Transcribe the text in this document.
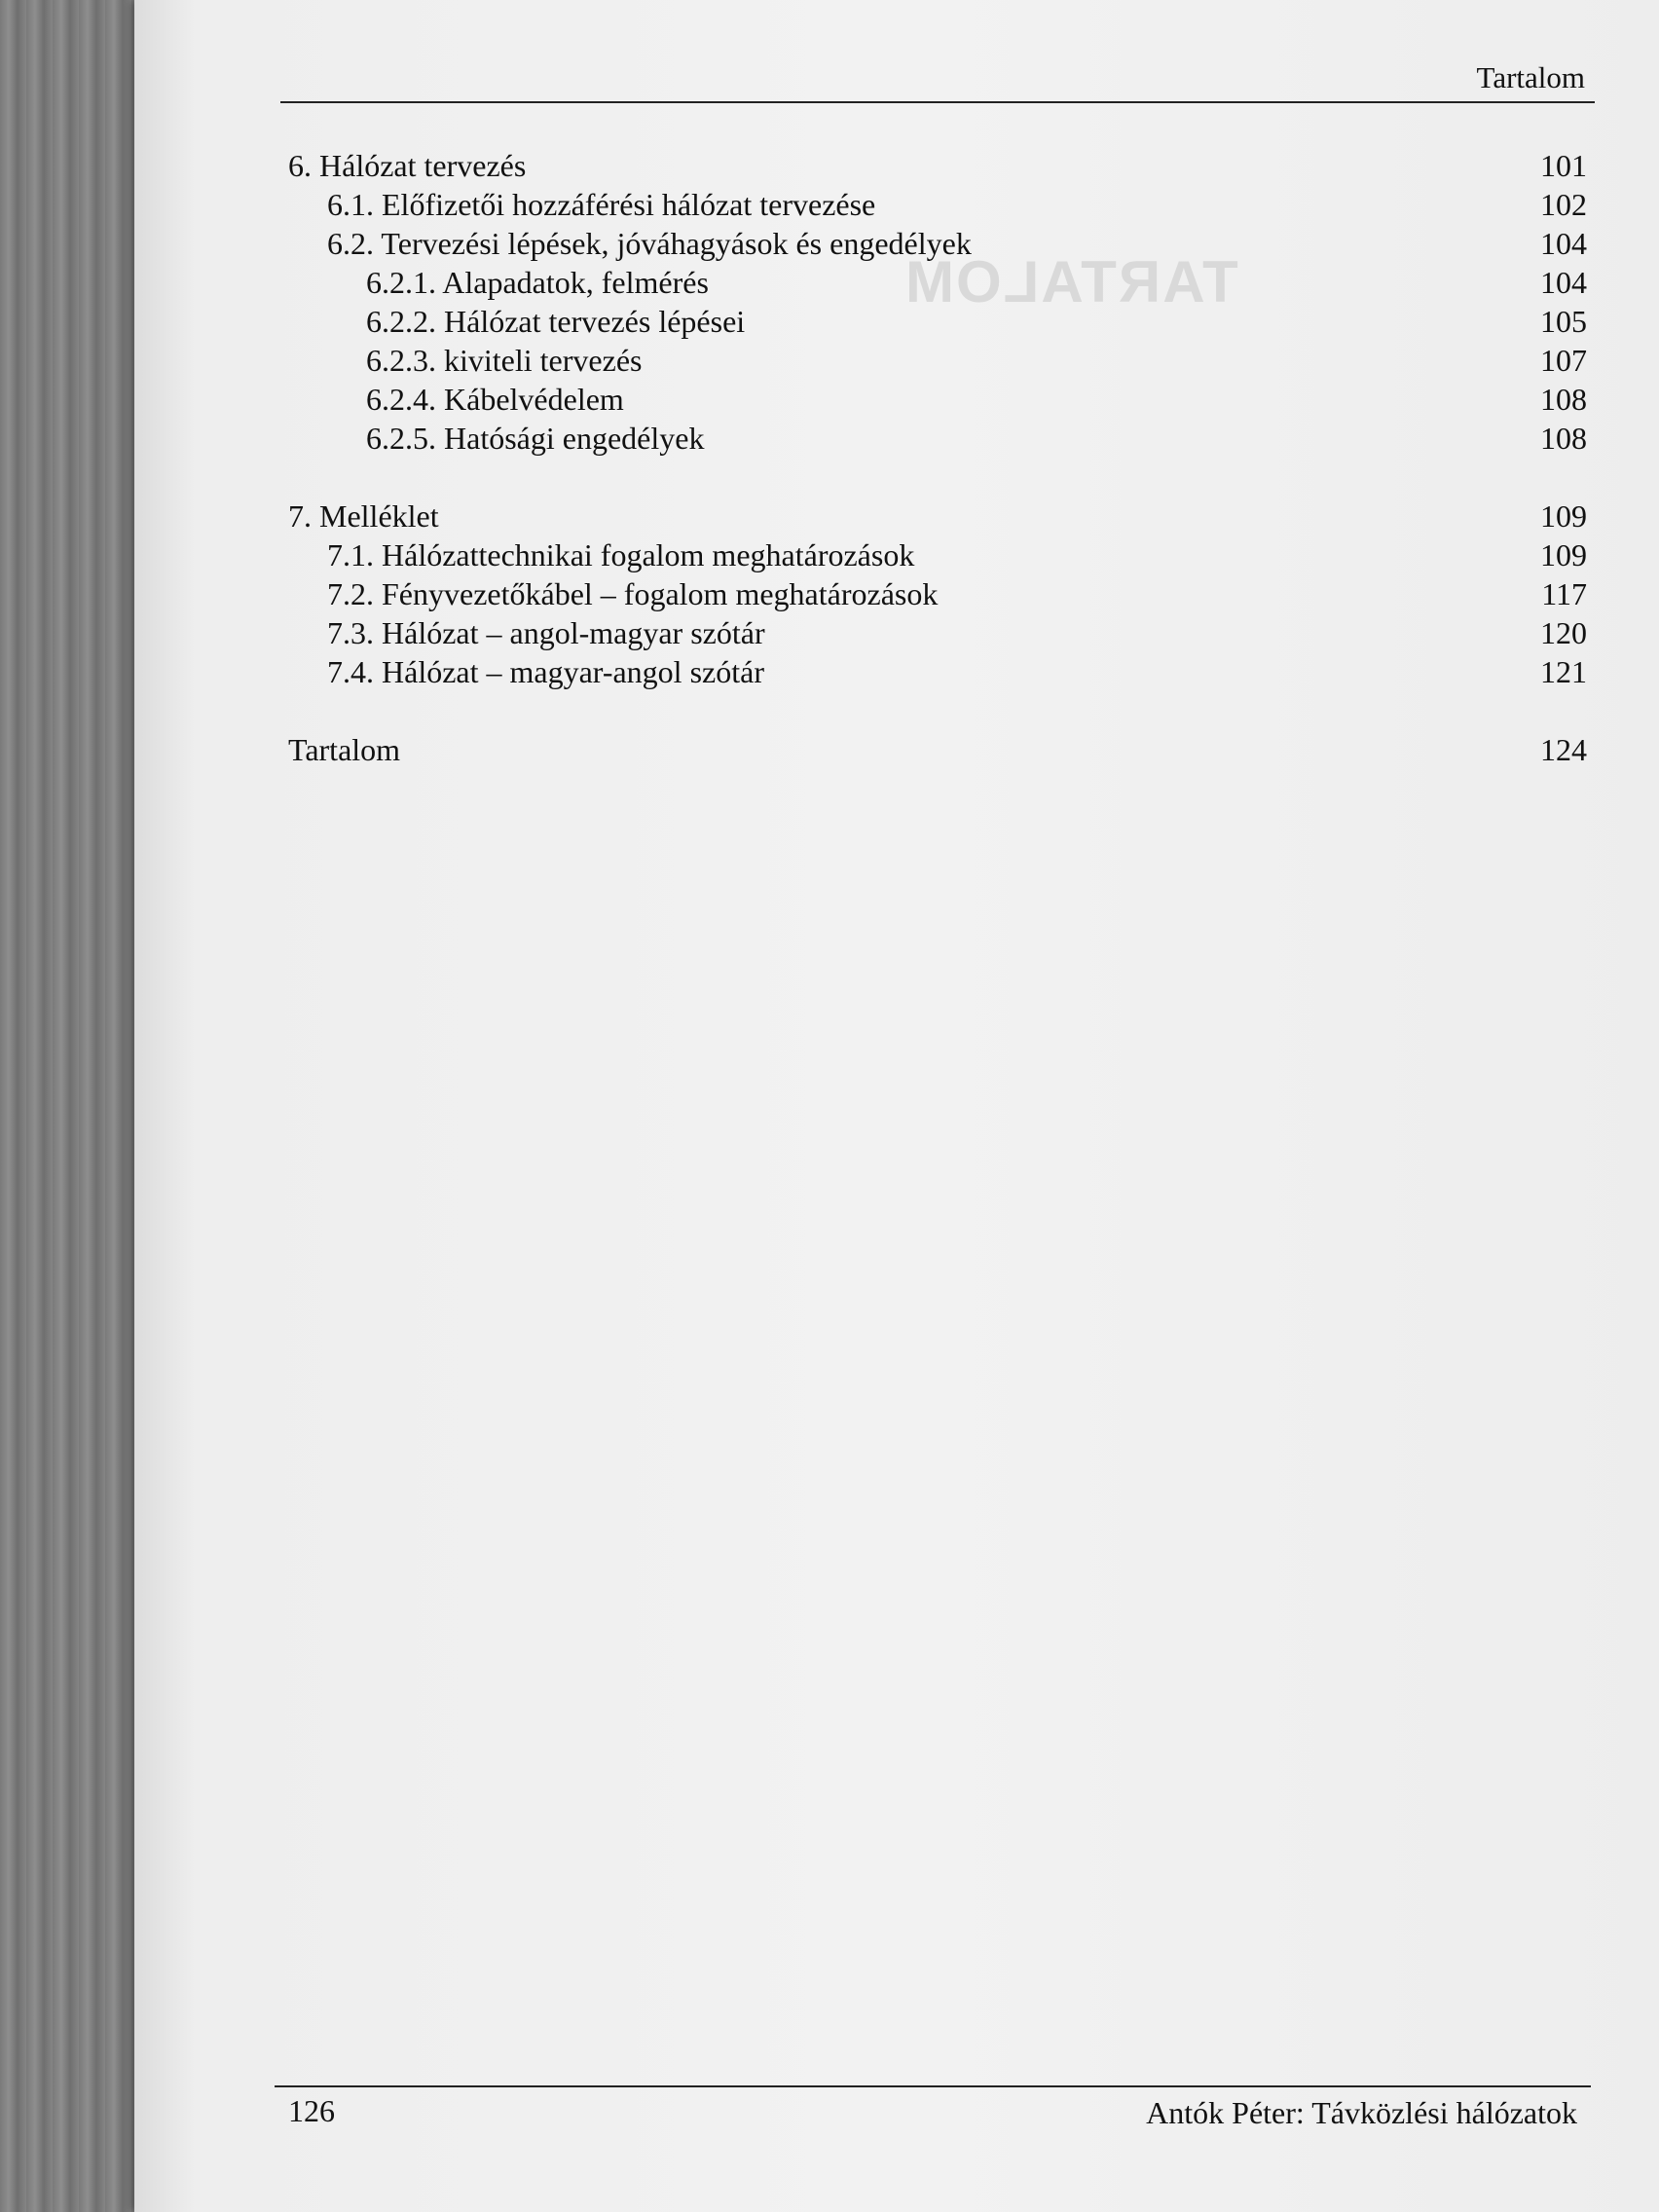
TARTALOM
Tartalom
6. Hálózat tervezés	101
6.1. Előfizetői hozzáférési hálózat tervezése	102
6.2. Tervezési lépések, jóváhagyások és engedélyek	104
6.2.1. Alapadatok, felmérés	104
6.2.2. Hálózat tervezés lépései	105
6.2.3. kiviteli tervezés	107
6.2.4. Kábelvédelem	108
6.2.5. Hatósági engedélyek	108
7. Melléklet	109
7.1. Hálózattechnikai fogalom meghatározások	109
7.2. Fényvezetőkábel – fogalom meghatározások	117
7.3. Hálózat – angol-magyar szótár	120
7.4. Hálózat – magyar-angol szótár	121
Tartalom	124
126	Antók Péter: Távközlési hálózatok
